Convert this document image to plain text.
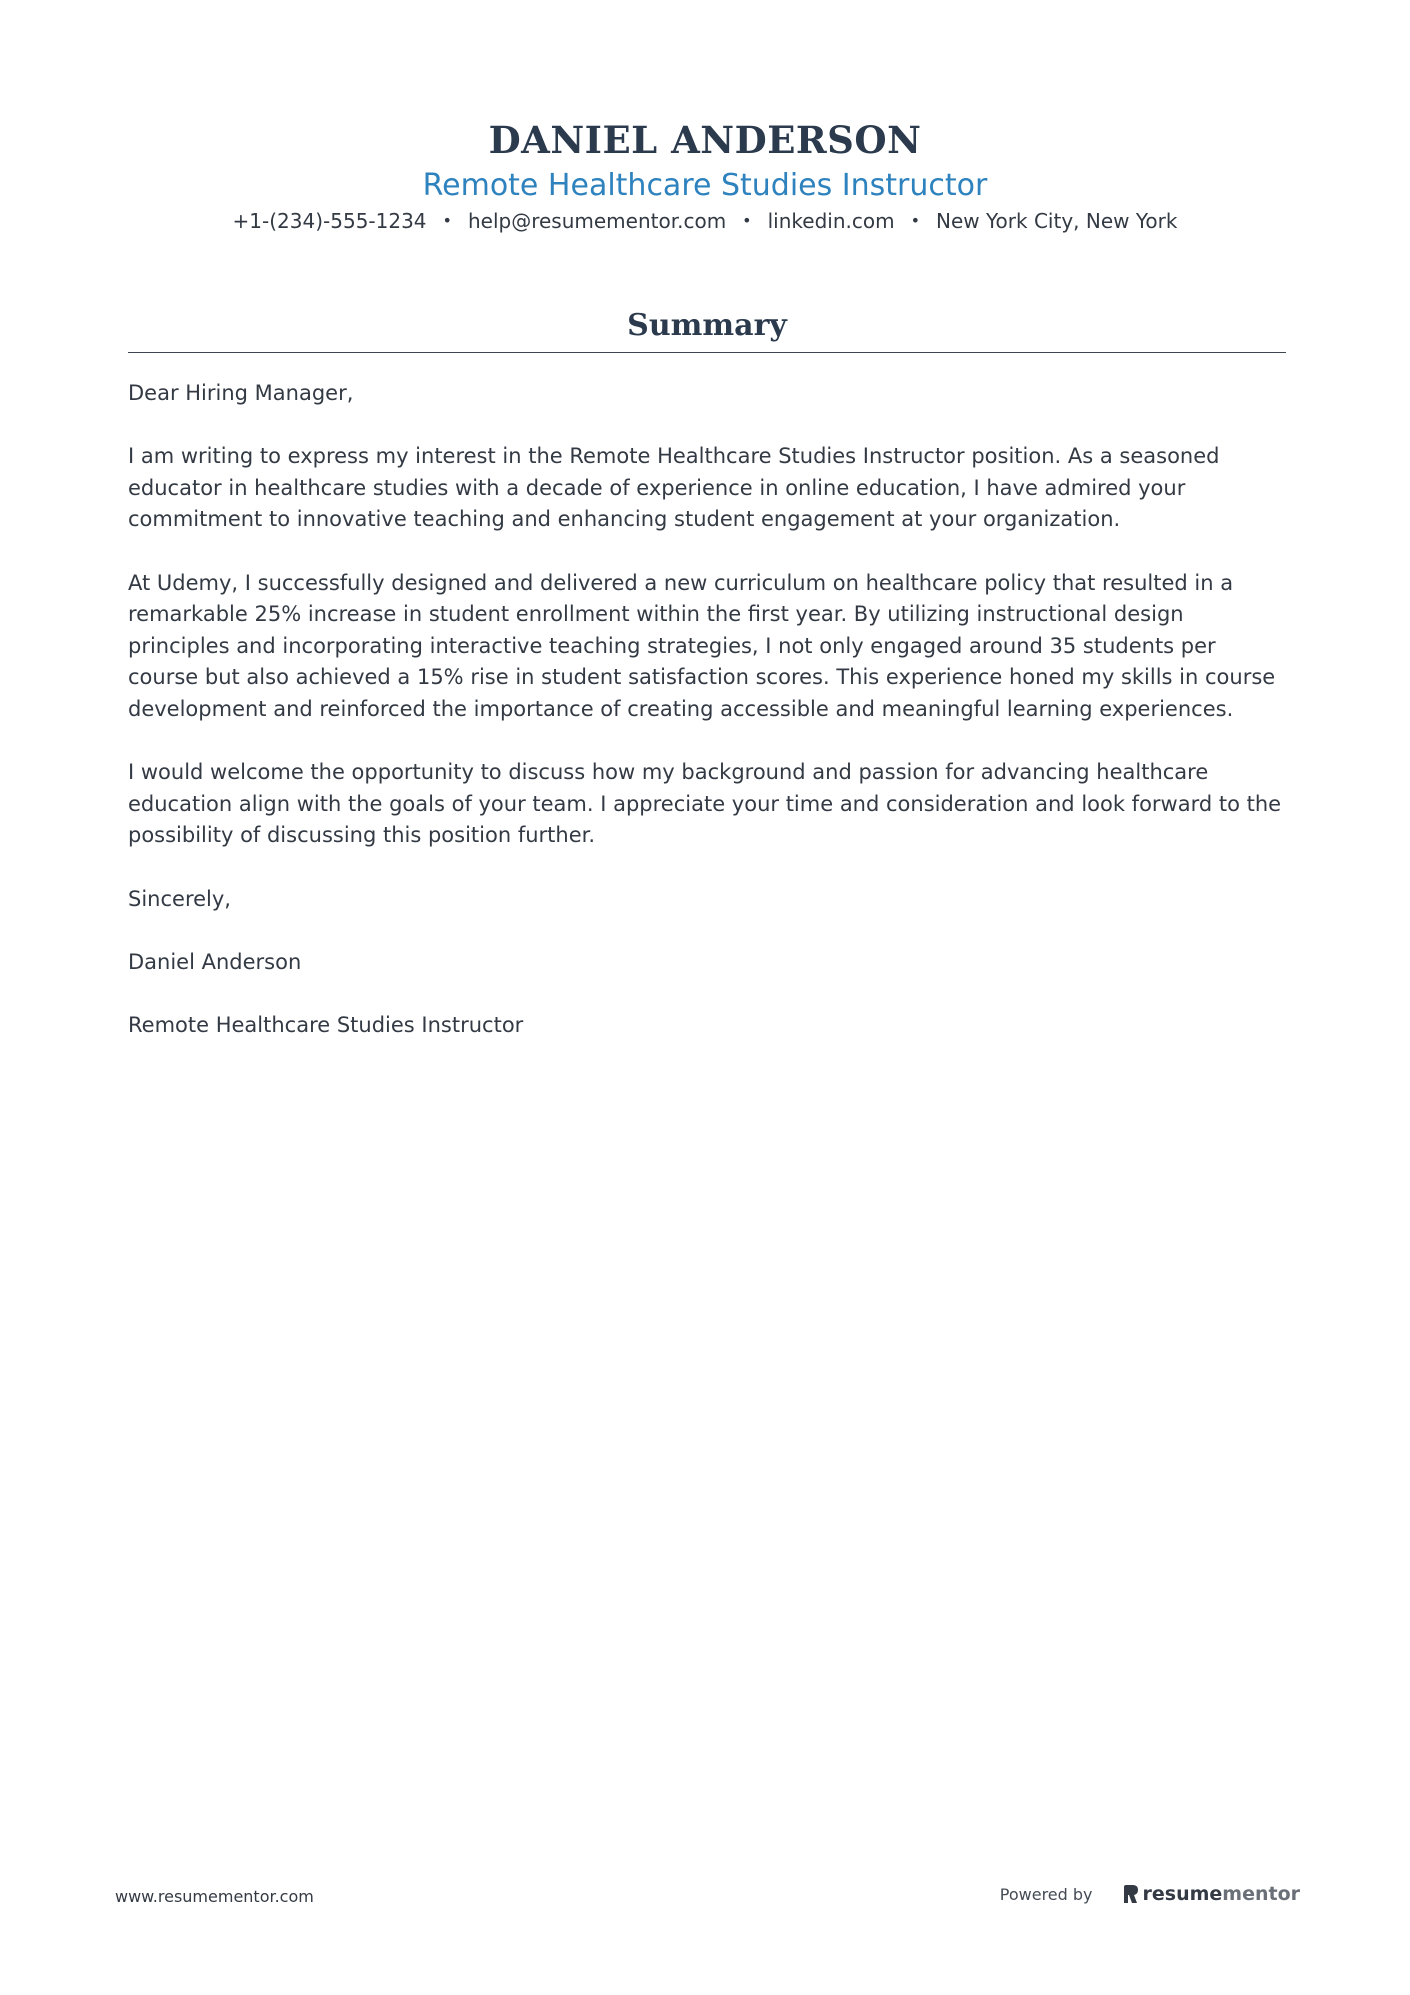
DANIEL ANDERSON
Remote Healthcare Studies Instructor
+1-(234)-555-1234 • help@resumementor.com • linkedin.com • New York City, New York
Summary

Dear Hiring Manager,

I am writing to express my interest in the Remote Healthcare Studies Instructor position. As a seasoned educator in healthcare studies with a decade of experience in online education, I have admired your commitment to innovative teaching and enhancing student engagement at your organization.

At Udemy, I successfully designed and delivered a new curriculum on healthcare policy that resulted in a remarkable 25% increase in student enrollment within the first year. By utilizing instructional design principles and incorporating interactive teaching strategies, I not only engaged around 35 students per course but also achieved a 15% rise in student satisfaction scores. This experience honed my skills in course development and reinforced the importance of creating accessible and meaningful learning experiences.

I would welcome the opportunity to discuss how my background and passion for advancing healthcare education align with the goals of your team. I appreciate your time and consideration and look forward to the possibility of discussing this position further.

Sincerely,

Daniel Anderson

Remote Healthcare Studies Instructor

www.resumementor.com	Powered by	resume mentor
